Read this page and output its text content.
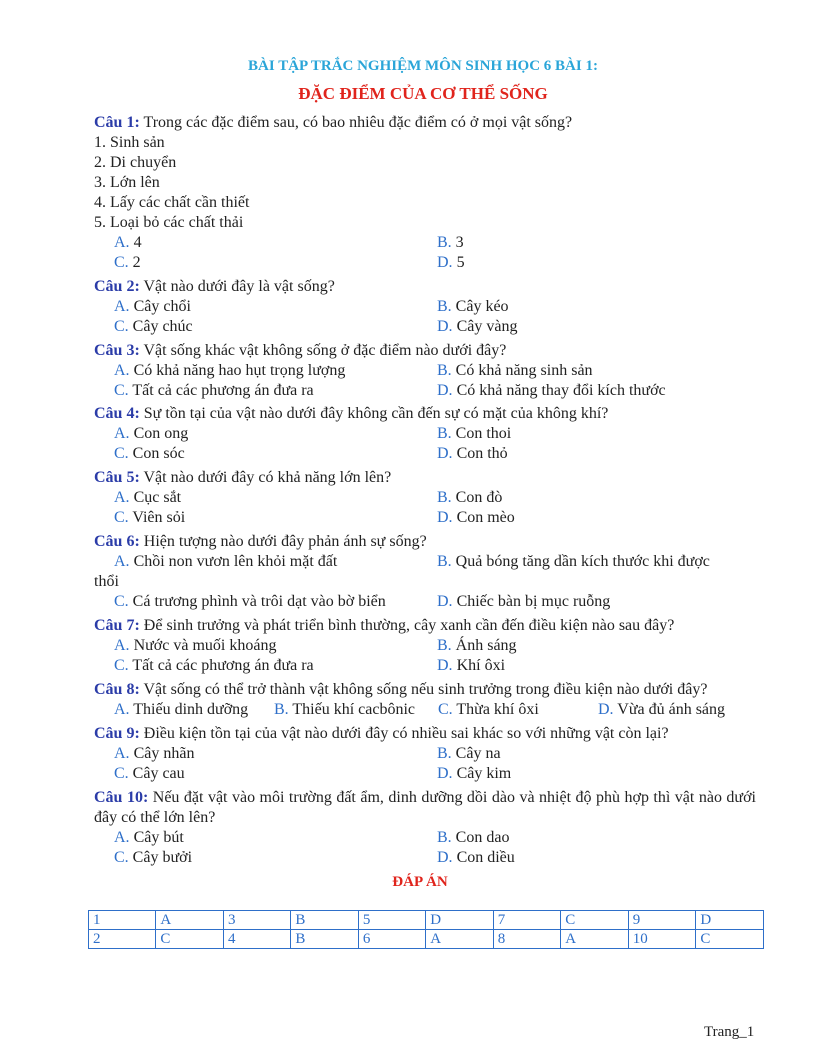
BÀI TẬP TRẮC NGHIỆM MÔN SINH HỌC 6 BÀI 1:
ĐẶC ĐIỂM CỦA CƠ THỂ SỐNG

Câu 1: Trong các đặc điểm sau, có bao nhiêu đặc điểm có ở mọi vật sống?

1. Sinh sản

2. Di chuyển

3. Lớn lên

4. Lấy các chất cần thiết

5. Loại bỏ các chất thải

A. 4	B. 3
C. 2	D. 5

Câu 2: Vật nào dưới đây là vật sống?

A. Cây chổi	B. Cây kéo
C. Cây chúc	D. Cây vàng

Câu 3: Vật sống khác vật không sống ở đặc điểm nào dưới đây?

A. Có khả năng hao hụt trọng lượng	B. Có khả năng sinh sản
C. Tất cả các phương án đưa ra	D. Có khả năng thay đổi kích thước

Câu 4: Sự tồn tại của vật nào dưới đây không cần đến sự có mặt của không khí?

A. Con ong	B. Con thoi
C. Con sóc	D. Con thỏ

Câu 5: Vật nào dưới đây có khả năng lớn lên?

A. Cục sắt	B. Con đò
C. Viên sỏi	D. Con mèo

Câu 6: Hiện tượng nào dưới đây phản ánh sự sống?

A. Chồi non vươn lên khỏi mặt đất	B. Quả bóng tăng dần kích thước khi được

thổi

C. Cá trương phình và trôi dạt vào bờ biển	D. Chiếc bàn bị mục ruỗng

Câu 7: Để sinh trưởng và phát triển bình thường, cây xanh cần đến điều kiện nào sau đây?

A. Nước và muối khoáng	B. Ánh sáng
C. Tất cả các phương án đưa ra	D. Khí ôxi

Câu 8: Vật sống có thể trở thành vật không sống nếu sinh trưởng trong điều kiện nào dưới đây?

A. Thiếu dinh dưỡng	B. Thiếu khí cacbônic	C. Thừa khí ôxi	D. Vừa đủ ánh sáng

Câu 9: Điều kiện tồn tại của vật nào dưới đây có nhiều sai khác so với những vật còn lại?

A. Cây nhãn	B. Cây na
C. Cây cau	D. Cây kim

Câu 10: Nếu đặt vật vào môi trường đất ẩm, dinh dưỡng dồi dào và nhiệt độ phù hợp thì vật nào dưới đây có thể lớn lên?

A. Cây bút	B. Con dao
C. Cây bưởi	D. Con diều
ĐÁP ÁN
1	A	3	B	5	D	7	C	9	D
2	C	4	B	6	A	8	A	10	C
Trang_1
